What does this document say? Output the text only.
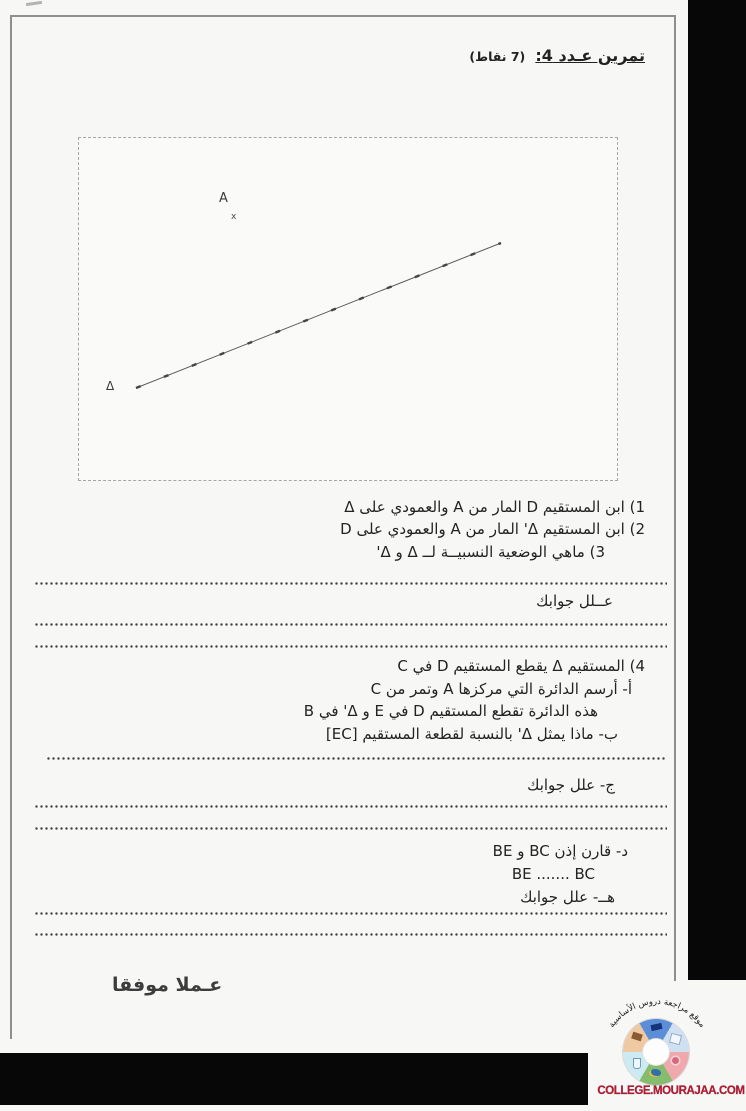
تمرين عـدد 4: (7 نقاط)
A
x
Δ
1) ابن المستقيم D المار من A والعمودي على Δ
2) ابن المستقيم Δ' المار من A والعمودي على D
3) ماهي الوضعية النسبيــة لــ Δ و Δ'
عــلل جوابك
4) المستقيم Δ يقطع المستقيم D في C
أ- أرسم الدائرة التي مركزها A وتمر من C
هذه الدائرة تقطع المستقيم D في E و Δ' في B
ب- ماذا يمثل Δ' بالنسبة لقطعة المستقيم [EC]
ج- علل جوابك
د- قارن إذن BC و BE
BE ....... BC
هــ- علل جوابك
عـملا موفقا
موقع مراجعة دروس الأساسية
COLLEGE.MOURAJAA.COM
